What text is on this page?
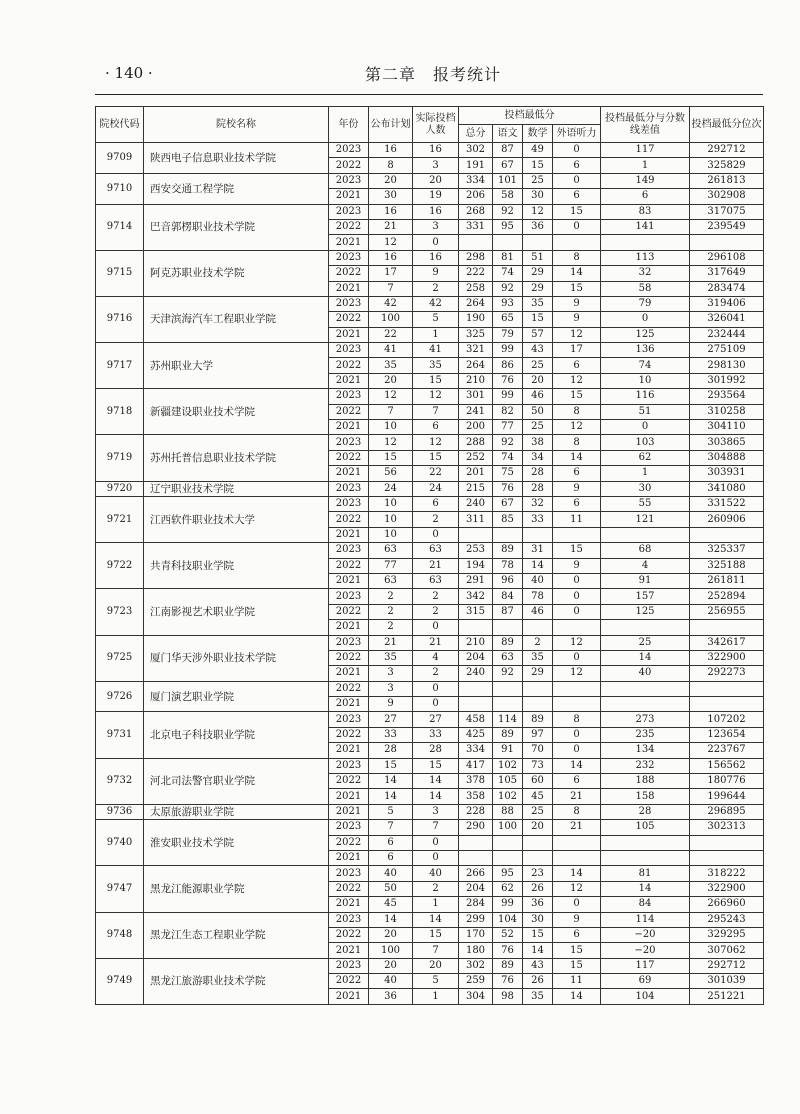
· 140 ·	第二章　报考统计
院校代码	院校名称	年份	公布计划	实际投档人数	投档最低分				投档最低分与分数线差值	投档最低分位次
					总分	语文	数学	外语听力		
9709	陕西电子信息职业技术学院	2023	16	16	302	87	49	0	117	292712
		2022	8	3	191	67	15	6	1	325829
9710	西安交通工程学院	2023	20	20	334	101	25	0	149	261813
		2021	30	19	206	58	30	6	6	302908
9714	巴音郭楞职业技术学院	2023	16	16	268	92	12	15	83	317075
		2022	21	3	331	95	36	0	141	239549
		2021	12	0						
9715	阿克苏职业技术学院	2023	16	16	298	81	51	8	113	296108
		2022	17	9	222	74	29	14	32	317649
		2021	7	2	258	92	29	15	58	283474
9716	天津滨海汽车工程职业学院	2023	42	42	264	93	35	9	79	319406
		2022	100	5	190	65	15	9	0	326041
		2021	22	1	325	79	57	12	125	232444
9717	苏州职业大学	2023	41	41	321	99	43	17	136	275109
		2022	35	35	264	86	25	6	74	298130
		2021	20	15	210	76	20	12	10	301992
9718	新疆建设职业技术学院	2023	12	12	301	99	46	15	116	293564
		2022	7	7	241	82	50	8	51	310258
		2021	10	6	200	77	25	12	0	304110
9719	苏州托普信息职业技术学院	2023	12	12	288	92	38	8	103	303865
		2022	15	15	252	74	34	14	62	304888
		2021	56	22	201	75	28	6	1	303931
9720	辽宁职业技术学院	2023	24	24	215	76	28	9	30	341080
9721	江西软件职业技术大学	2023	10	6	240	67	32	6	55	331522
		2022	10	2	311	85	33	11	121	260906
		2021	10	0						
9722	共青科技职业学院	2023	63	63	253	89	31	15	68	325337
		2022	77	21	194	78	14	9	4	325188
		2021	63	63	291	96	40	0	91	261811
9723	江南影视艺术职业学院	2023	2	2	342	84	78	0	157	252894
		2022	2	2	315	87	46	0	125	256955
		2021	2	0						
9725	厦门华天涉外职业技术学院	2023	21	21	210	89	2	12	25	342617
		2022	35	4	204	63	35	0	14	322900
		2021	3	2	240	92	29	12	40	292273
9726	厦门演艺职业学院	2022	3	0						
		2021	9	0						
9731	北京电子科技职业学院	2023	27	27	458	114	89	8	273	107202
		2022	33	33	425	89	97	0	235	123654
		2021	28	28	334	91	70	0	134	223767
9732	河北司法警官职业学院	2023	15	15	417	102	73	14	232	156562
		2022	14	14	378	105	60	6	188	180776
		2021	14	14	358	102	45	21	158	199644
9736	太原旅游职业学院	2021	5	3	228	88	25	8	28	296895
9740	淮安职业技术学院	2023	7	7	290	100	20	21	105	302313
		2022	6	0						
		2021	6	0						
9747	黑龙江能源职业学院	2023	40	40	266	95	23	14	81	318222
		2022	50	2	204	62	26	12	14	322900
		2021	45	1	284	99	36	0	84	266960
9748	黑龙江生态工程职业学院	2023	14	14	299	104	30	9	114	295243
		2022	20	15	170	52	15	6	−20	329295
		2021	100	7	180	76	14	15	−20	307062
9749	黑龙江旅游职业技术学院	2023	20	20	302	89	43	15	117	292712
		2022	40	5	259	76	26	11	69	301039
		2021	36	1	304	98	35	14	104	251221
